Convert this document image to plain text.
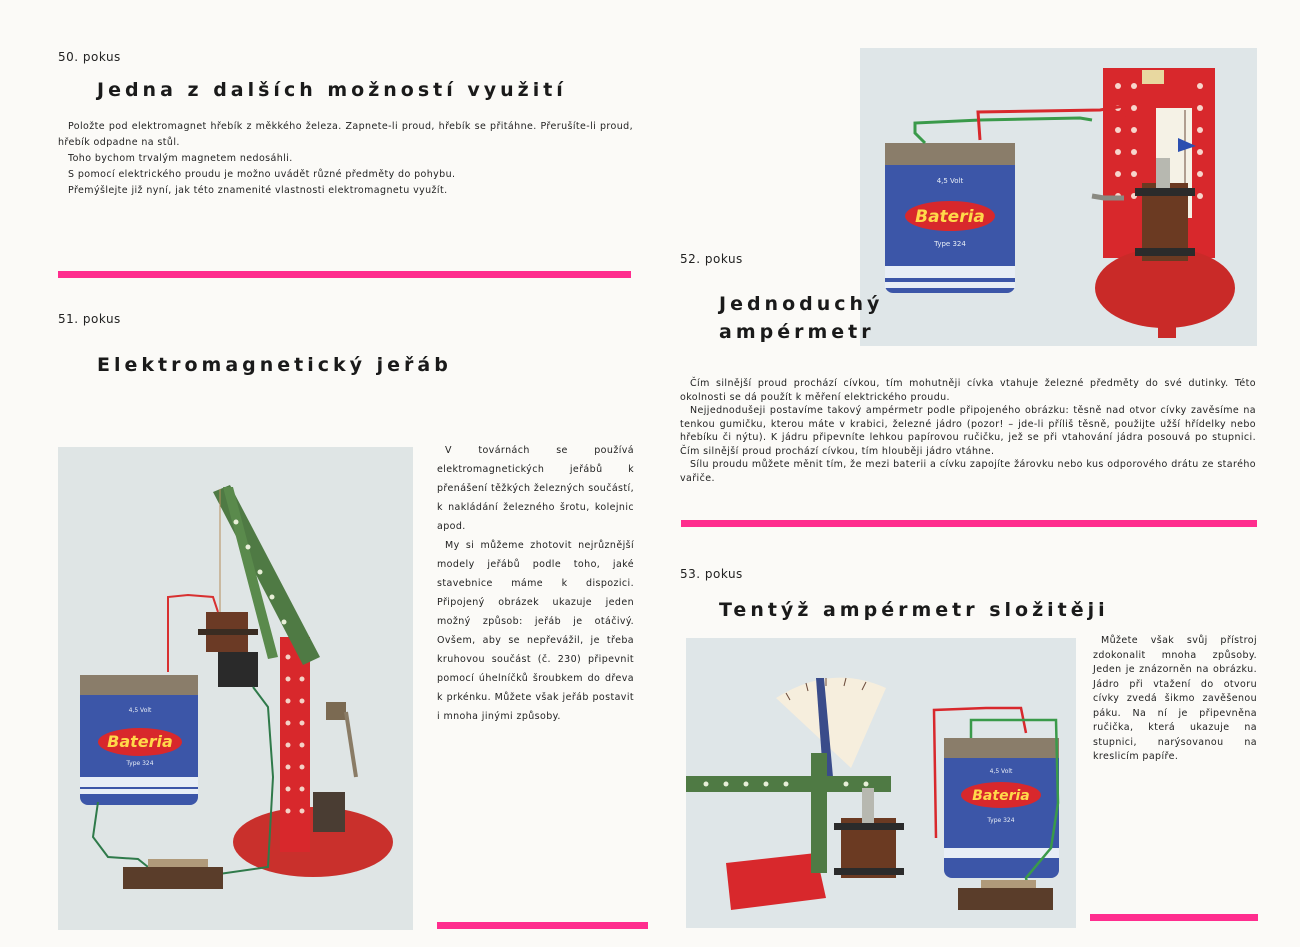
50. pokus
Jedna z dalších možností využití

Položte pod elektromagnet hřebík z měkkého železa. Zapnete-li proud, hřebík se přitáhne. Přerušíte-li proud, hřebík odpadne na stůl.

Toho bychom trvalým magnetem nedosáhli.

S pomocí elektrického proudu je možno uvádět různé předměty do pohybu.

Přemýšlejte již nyní, jak této znamenité vlastnosti elektromagnetu využít.

51. pokus
Elektromagnetický jeřáb
Bateria
4,5 Volt
Type 324

V továrnách se používá elektromagnetických jeřábů k přenášení těžkých železných součástí, k nakládání železného šrotu, kolejnic apod.

My si můžeme zhotovit nejrůznější modely jeřábů podle toho, jaké stavebnice máme k dispozici. Připojený obrázek ukazuje jeden možný způsob: jeřáb je otáčivý. Ovšem, aby se nepřevážil, je třeba kruhovou součást (č. 230) připevnit pomocí úhelníčků šroubkem do dřeva k prkénku. Můžete však jeřáb postavit i mnoha jinými způsoby.

Bateria
4,5 Volt
Type 324
52. pokus
Jednoduchý
ampérmetr

Čím silnější proud prochází cívkou, tím mohutněji cívka vtahuje železné předměty do své dutinky. Této okolnosti se dá použít k měření elektrického proudu.

Nejjednodušeji postavíme takový ampérmetr podle připojeného obrázku: těsně nad otvor cívky zavěsíme na tenkou gumičku, kterou máte v krabici, železné jádro (pozor! – jde-li příliš těsně, použijte užší hřídelky nebo hřebíku či nýtu). K jádru připevníte lehkou papírovou ručičku, jež se při vtahování jádra posouvá po stupnici. Čím silnější proud prochází cívkou, tím hlouběji jádro vtáhne.

Sílu proudu můžete měnit tím, že mezi baterii a cívku zapojíte žárovku nebo kus odporového drátu ze starého vařiče.

53. pokus
Tentýž ampérmetr složitěji
Bateria
4,5 Volt
Type 324

Můžete však svůj přístroj zdokonalit mnoha způsoby. Jeden je znázorněn na obrázku. Jádro při vtažení do otvoru cívky zvedá šikmo zavěšenou páku. Na ní je připevněna ručička, která ukazuje na stupnici, narýsovanou na kreslicím papíře.
